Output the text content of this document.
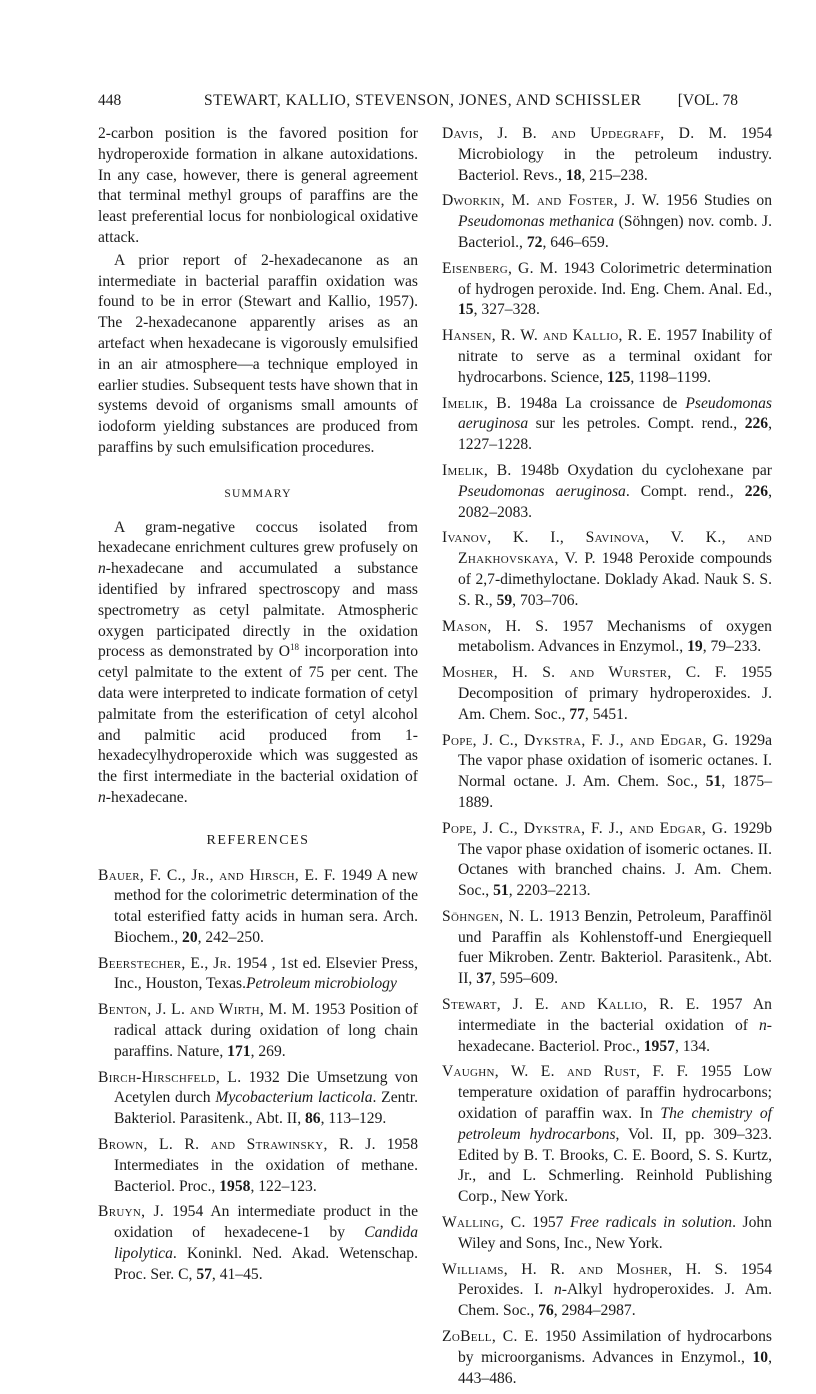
448	STEWART, KALLIO, STEVENSON, JONES, AND SCHISSLER [VOL. 78

2-carbon position is the favored position for hydroperoxide formation in alkane autoxidations. In any case, however, there is general agreement that terminal methyl groups of paraffins are the least preferential locus for nonbiological oxidative attack.

A prior report of 2-hexadecanone as an intermediate in bacterial paraffin oxidation was found to be in error (Stewart and Kallio, 1957). The 2-hexadecanone apparently arises as an artefact when hexadecane is vigorously emulsified in an air atmosphere—a technique employed in earlier studies. Subsequent tests have shown that in systems devoid of organisms small amounts of iodoform yielding substances are produced from paraffins by such emulsification procedures.

SUMMARY

A gram-negative coccus isolated from hexadecane enrichment cultures grew profusely on n-hexadecane and accumulated a substance identified by infrared spectroscopy and mass spectrometry as cetyl palmitate. Atmospheric oxygen participated directly in the oxidation process as demonstrated by $O^{18}$ incorporation into cetyl palmitate to the extent of 75 per cent. The data were interpreted to indicate formation of cetyl palmitate from the esterification of cetyl alcohol and palmitic acid produced from 1-hexadecylhydroperoxide which was suggested as the first intermediate in the bacterial oxidation of n-hexadecane.

REFERENCES

Bauer, F. C., Jr., and Hirsch, E. F. 1949 A new method for the colorimetric determination of the total esterified fatty acids in human sera. Arch. Biochem., 20, 242–250.

Beerstecher, E., Jr. 1954 , 1st ed. Elsevier Press, Inc., Houston, Texas.Petroleum microbiology

Benton, J. L. and Wirth, M. M. 1953 Position of radical attack during oxidation of long chain paraffins. Nature, 171, 269.

Birch-Hirschfeld, L. 1932 Die Umsetzung von Acetylen durch Mycobacterium lacticola. Zentr. Bakteriol. Parasitenk., Abt. II, 86, 113–129.

Brown, L. R. and Strawinsky, R. J. 1958 Intermediates in the oxidation of methane. Bacteriol. Proc., 1958, 122–123.

Bruyn, J. 1954 An intermediate product in the oxidation of hexadecene-1 by Candida lipolytica. Koninkl. Ned. Akad. Wetenschap. Proc. Ser. C, 57, 41–45.

Davis, J. B. and Updegraff, D. M. 1954 Microbiology in the petroleum industry. Bacteriol. Revs., 18, 215–238.

Dworkin, M. and Foster, J. W. 1956 Studies on Pseudomonas methanica (Söhngen) nov. comb. J. Bacteriol., 72, 646–659.

Eisenberg, G. M. 1943 Colorimetric determination of hydrogen peroxide. Ind. Eng. Chem. Anal. Ed., 15, 327–328.

Hansen, R. W. and Kallio, R. E. 1957 Inability of nitrate to serve as a terminal oxidant for hydrocarbons. Science, 125, 1198–1199.

Imelik, B. 1948a La croissance de Pseudomonas aeruginosa sur les petroles. Compt. rend., 226, 1227–1228.

Imelik, B. 1948b Oxydation du cyclohexane par Pseudomonas aeruginosa. Compt. rend., 226, 2082–2083.

Ivanov, K. I., Savinova, V. K., and Zhakhovskaya, V. P. 1948 Peroxide compounds of 2,7-dimethyloctane. Doklady Akad. Nauk S. S. S. R., 59, 703–706.

Mason, H. S. 1957 Mechanisms of oxygen metabolism. Advances in Enzymol., 19, 79–233.

Mosher, H. S. and Wurster, C. F. 1955 Decomposition of primary hydroperoxides. J. Am. Chem. Soc., 77, 5451.

Pope, J. C., Dykstra, F. J., and Edgar, G. 1929a The vapor phase oxidation of isomeric octanes. I. Normal octane. J. Am. Chem. Soc., 51, 1875–1889.

Pope, J. C., Dykstra, F. J., and Edgar, G. 1929b The vapor phase oxidation of isomeric octanes. II. Octanes with branched chains. J. Am. Chem. Soc., 51, 2203–2213.

Söhngen, N. L. 1913 Benzin, Petroleum, Paraffinöl und Paraffin als Kohlenstoff-und Energiequell fuer Mikroben. Zentr. Bakteriol. Parasitenk., Abt. II, 37, 595–609.

Stewart, J. E. and Kallio, R. E. 1957 An intermediate in the bacterial oxidation of n-hexadecane. Bacteriol. Proc., 1957, 134.

Vaughn, W. E. and Rust, F. F. 1955 Low temperature oxidation of paraffin hydrocarbons; oxidation of paraffin wax. In The chemistry of petroleum hydrocarbons, Vol. II, pp. 309–323. Edited by B. T. Brooks, C. E. Boord, S. S. Kurtz, Jr., and L. Schmerling. Reinhold Publishing Corp., New York.

Walling, C. 1957 Free radicals in solution. John Wiley and Sons, Inc., New York.

Williams, H. R. and Mosher, H. S. 1954 Peroxides. I. n-Alkyl hydroperoxides. J. Am. Chem. Soc., 76, 2984–2987.

ZoBell, C. E. 1950 Assimilation of hydrocarbons by microorganisms. Advances in Enzymol., 10, 443–486.
